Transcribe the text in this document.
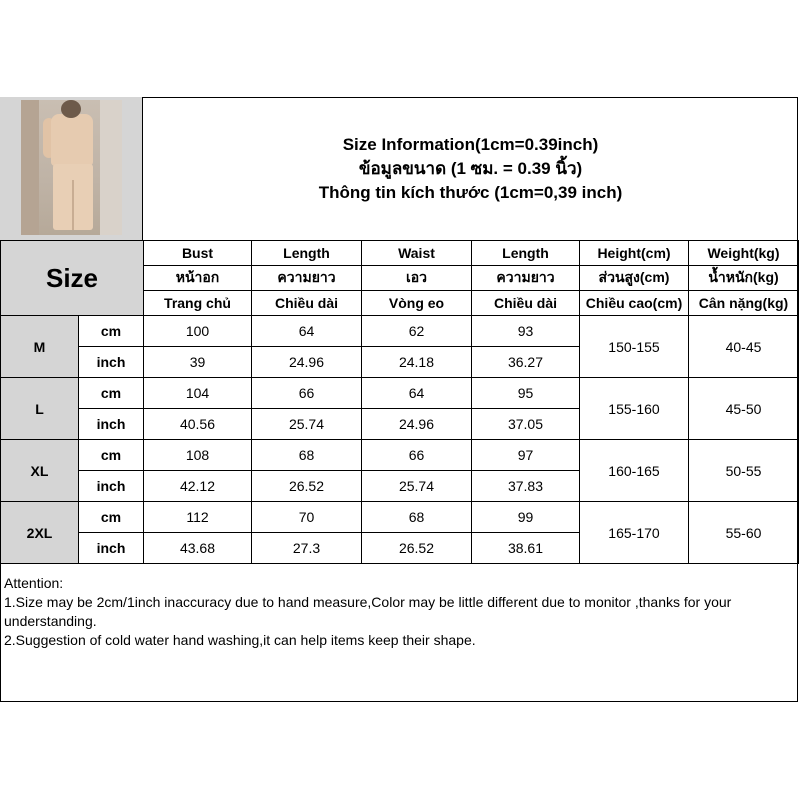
Size Information(1cm=0.39inch)
ข้อมูลขนาด (1 ซม. = 0.39 นิ้ว)
Thông tin kích thước (1cm=0,39 inch)
Size		Bust	Length	Waist	Length	Height(cm)	Weight(kg)
		หน้าอก	ความยาว	เอว	ความยาว	ส่วนสูง(cm)	น้ำหนัก(kg)
		Trang chủ	Chiều dài	Vòng eo	Chiều dài	Chiều cao(cm)	Cân nặng(kg)
M	cm	100	64	62	93	150-155	40-45
	inch	39	24.96	24.18	36.27		
L	cm	104	66	64	95	155-160	45-50
	inch	40.56	25.74	24.96	37.05		
XL	cm	108	68	66	97	160-165	50-55
	inch	42.12	26.52	25.74	37.83		
2XL	cm	112	70	68	99	165-170	55-60
	inch	43.68	27.3	26.52	38.61		
Attention:
1.Size may be 2cm/1inch inaccuracy due to hand measure,Color may be little different due to monitor ,thanks for your understanding.
2.Suggestion of cold water hand washing,it can help items keep their shape.
